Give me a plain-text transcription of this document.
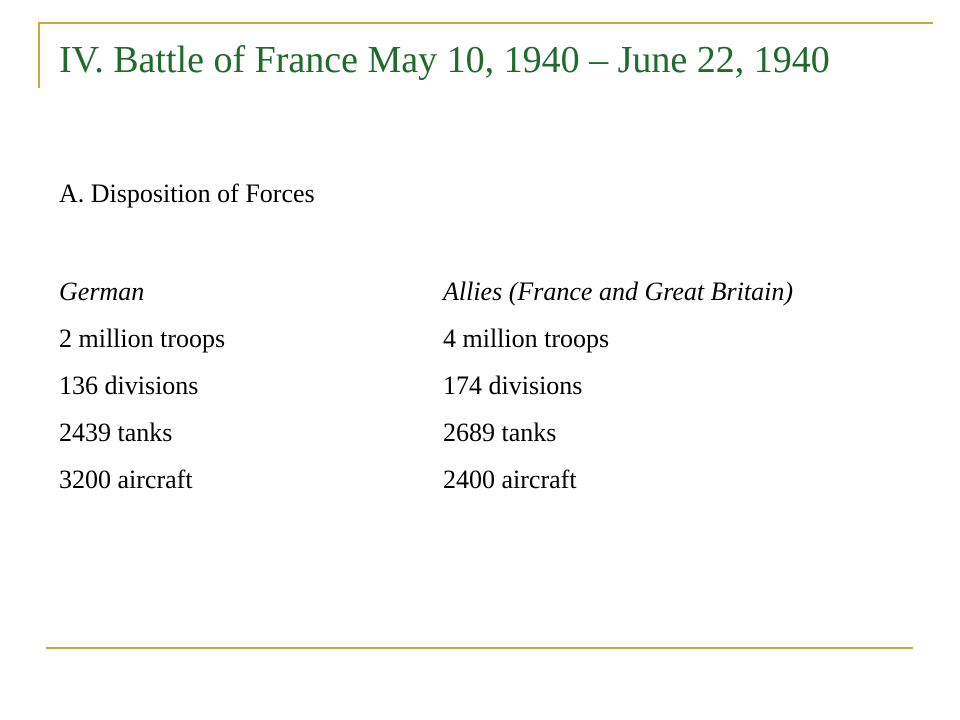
IV. Battle of France May 10, 1940 – June 22, 1940
A. Disposition of Forces
German
2 million troops
136 divisions
2439 tanks
3200 aircraft
Allies (France and Great Britain)
4 million troops
174 divisions
2689 tanks
2400 aircraft
